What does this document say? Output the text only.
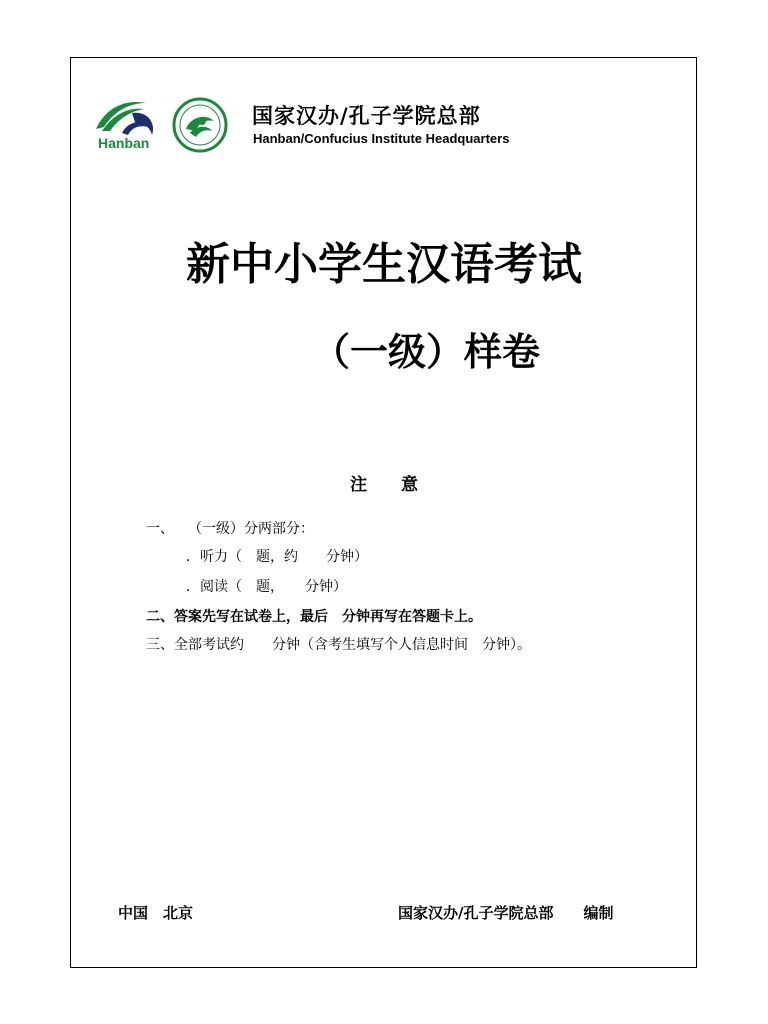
Hanban
国家汉办/孔子学院总部
Hanban/Confucius Institute Headquarters
新中小学生汉语考试
（一级）样卷
注　　意
一、　　（一级）分两部分：
．听力（　题，约　　分钟）
．阅读（　题，　　分钟）
二、答案先写在试卷上，最后　分钟再写在答题卡上。
三、全部考试约　　分钟（含考生填写个人信息时间　分钟）。
中国　北京	国家汉办/孔子学院总部　　编制
